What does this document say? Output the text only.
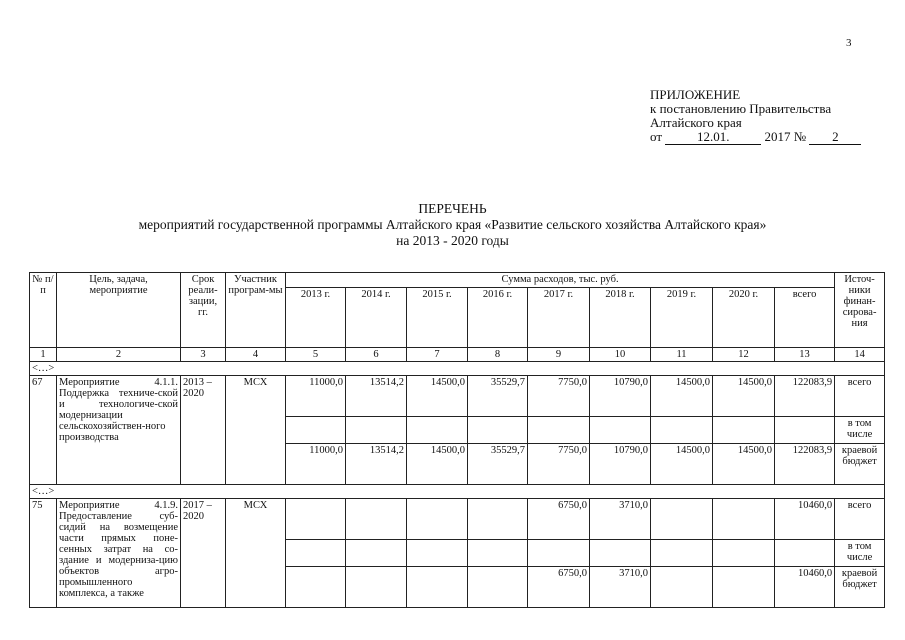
3
ПРИЛОЖЕНИЕ
к постановлению Правительства
Алтайского края
от	12.01.	2017 № 2
ПЕРЕЧЕНЬ
мероприятий государственной программы Алтайского края «Развитие сельского хозяйства Алтайского края»
на 2013 - 2020 годы
№ п/п	Цель, задача, мероприятие	Срок реали-зации, гг.	Участник програм-мы	Сумма расходов, тыс. руб.									Источ-ники финан-сирова-ния
				2013 г.	2014 г.	2015 г.	2016 г.	2017 г.	2018 г.	2019 г.	2020 г.	всего	
1	2	3	4	5	6	7	8	9	10	11	12	13	14
<…>													
67	Мероприятие 4.1.1. Поддержка техниче-ской и технологиче-ской модернизации сельскохозяйствен-ного производства	2013 – 2020	МСХ	11000,0	13514,2	14500,0	35529,7	7750,0	10790,0	14500,0	14500,0	122083,9	всего
													в том числе
				11000,0	13514,2	14500,0	35529,7	7750,0	10790,0	14500,0	14500,0	122083,9	краевой бюджет
<…>													
75	Мероприятие 4.1.9. Предоставление суб-сидий на возмещение части прямых поне-сенных затрат на со-здание и модерниза-цию объектов агро-промышленного комплекса, а также	2017 – 2020	МСХ					6750,0	3710,0			10460,0	всего
													в том числе
								6750,0	3710,0			10460,0	краевой бюджет
